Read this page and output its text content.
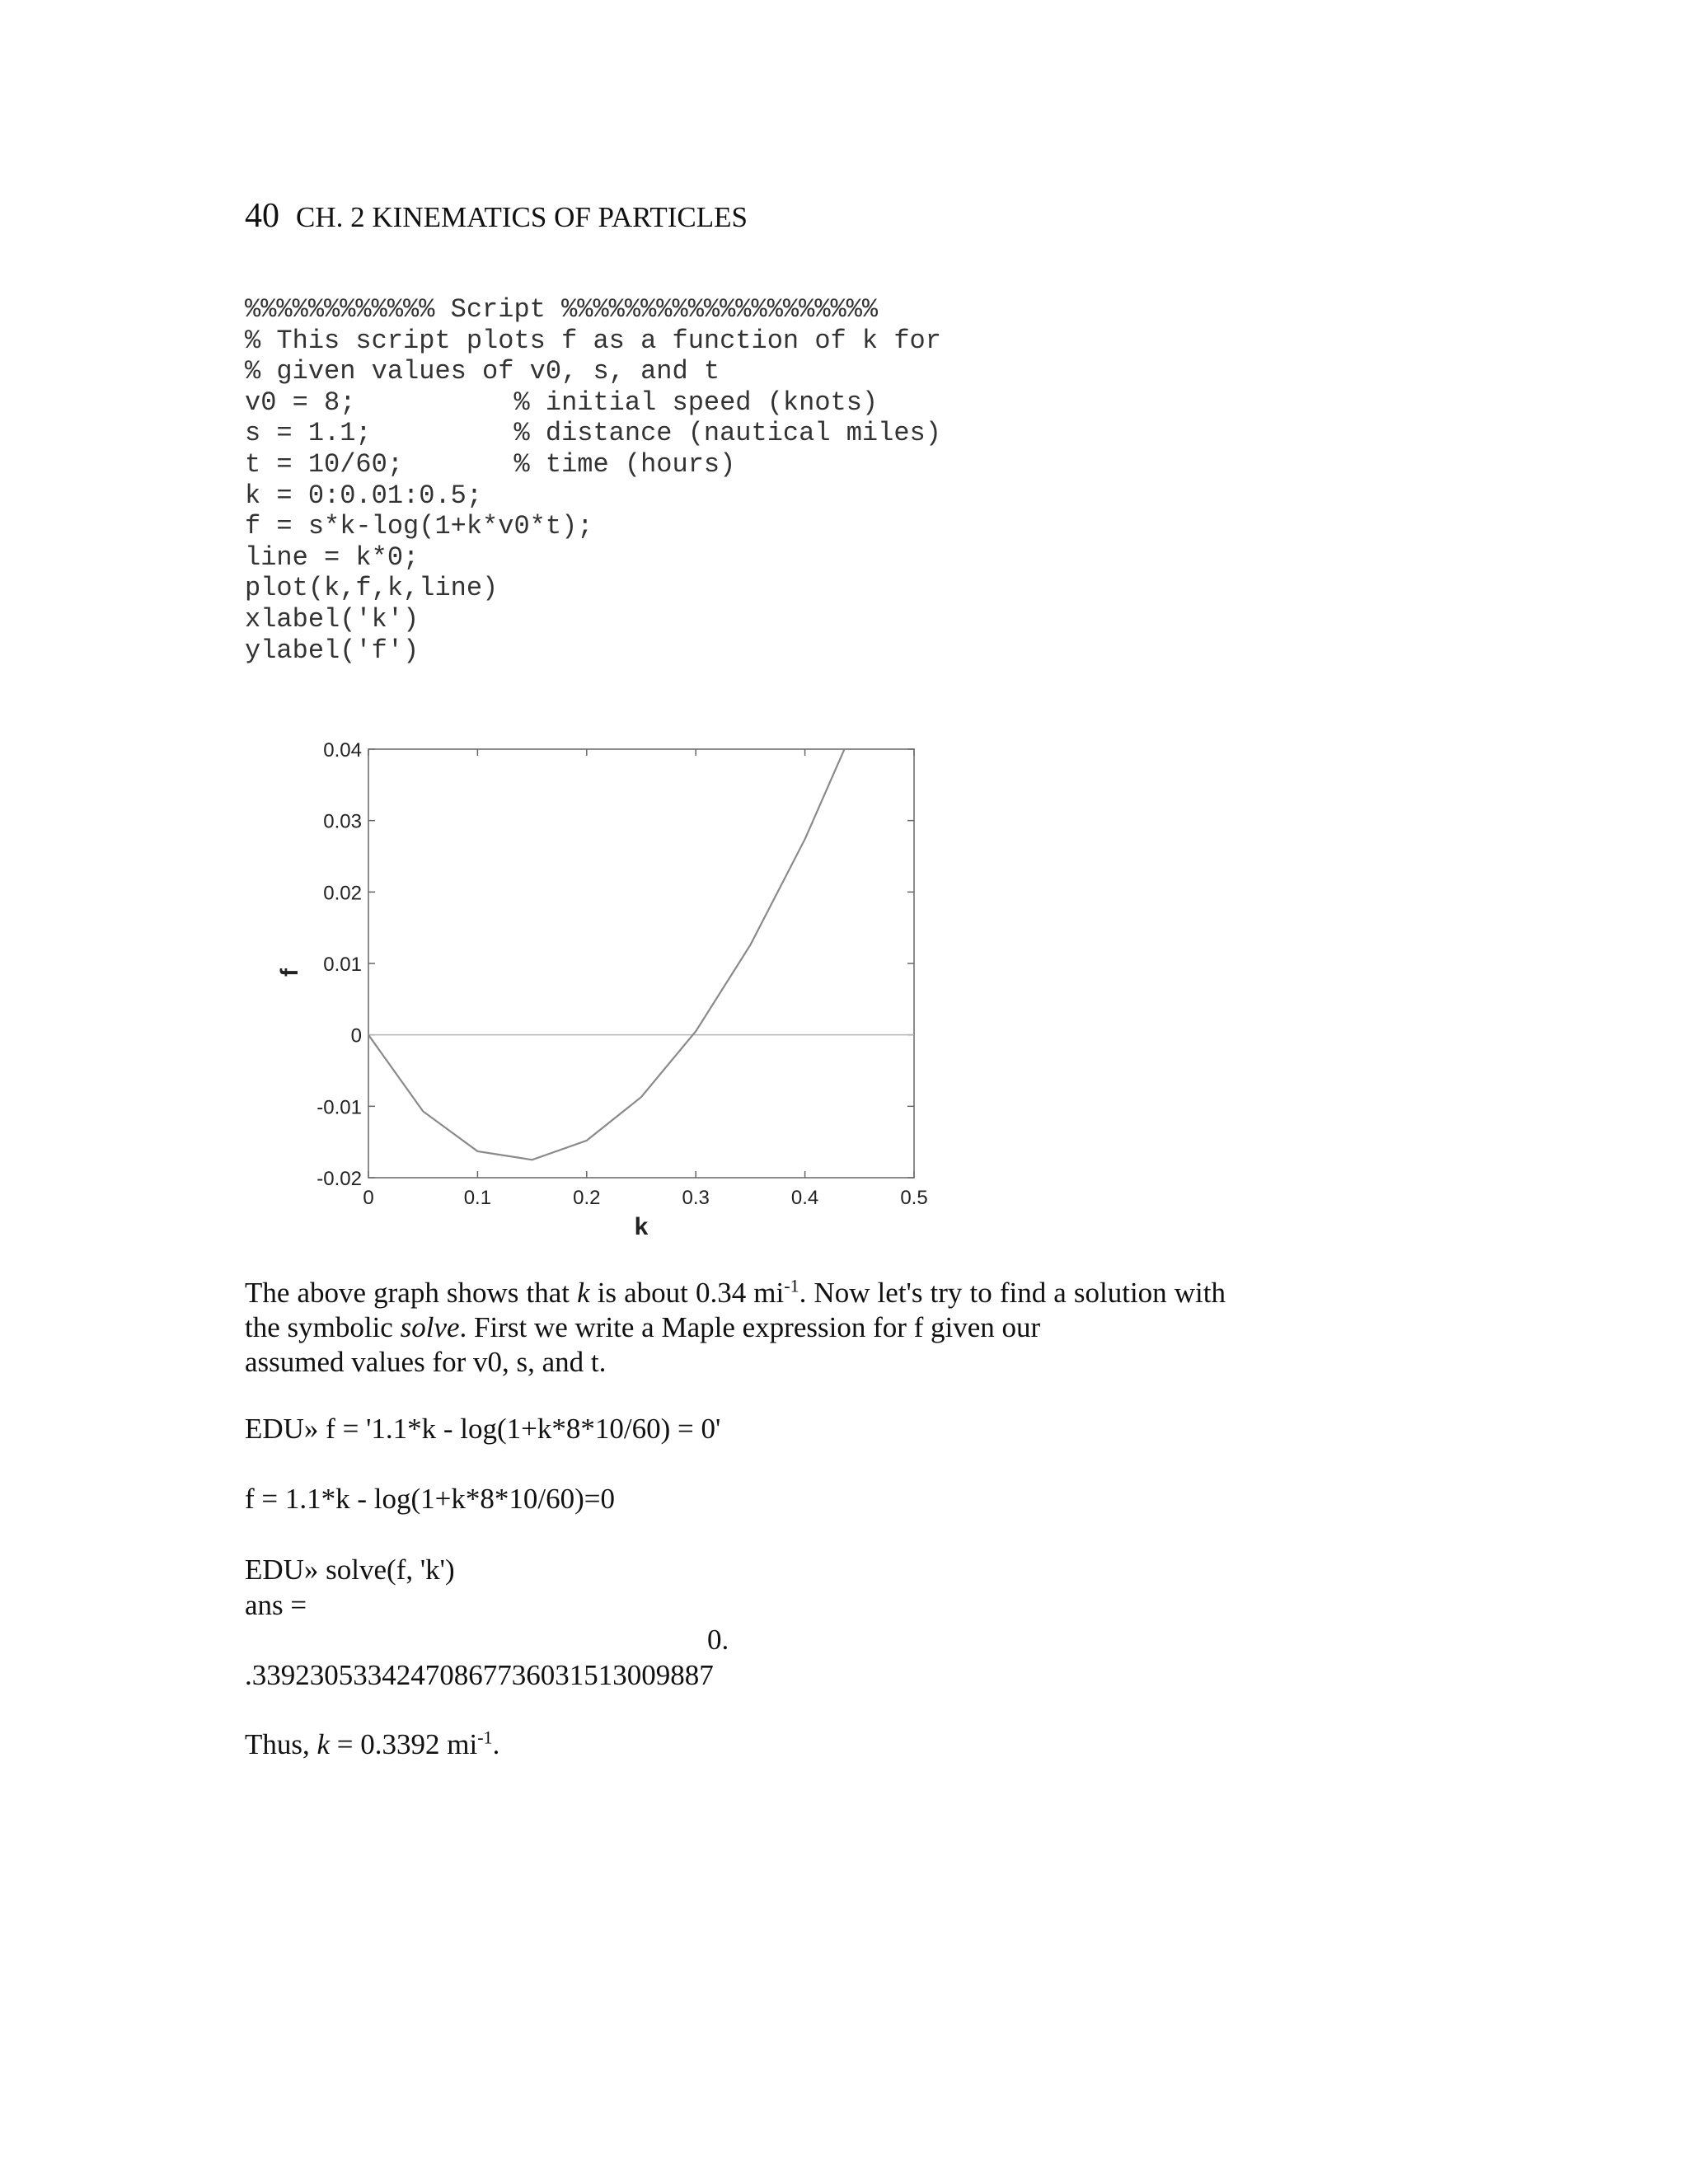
40 CH. 2 KINEMATICS OF PARTICLES
%%%%%%%%%%%% Script %%%%%%%%%%%%%%%%%%%%
% This script plots f as a function of k for
% given values of v0, s, and t
v0 = 8;          % initial speed (knots)
s = 1.1;         % distance (nautical miles)
t = 10/60;       % time (hours)
k = 0:0.01:0.5;
f = s*k-log(1+k*v0*t);
line = k*0;
plot(k,f,k,line)
xlabel('k')
ylabel('f')
0	0.1	0.2	0.3	0.4	0.5
-0.02
-0.01
0
0.01
0.02
0.03
0.04
k
f
The above graph shows that k is about 0.34 $mi^{-1}$. Now let's try to find a solution with the symbolic solve. First we write a Maple expression for f given our
assumed values for v0, s, and t.
EDU» f = '1.1*k - log(1+k*8*10/60) = 0'
f = 1.1*k - log(1+k*8*10/60)=0
EDU» solve(f, 'k')
ans =
0.
.33923053342470867736031513009887
Thus, k = 0.3392 $mi^{-1}$.
